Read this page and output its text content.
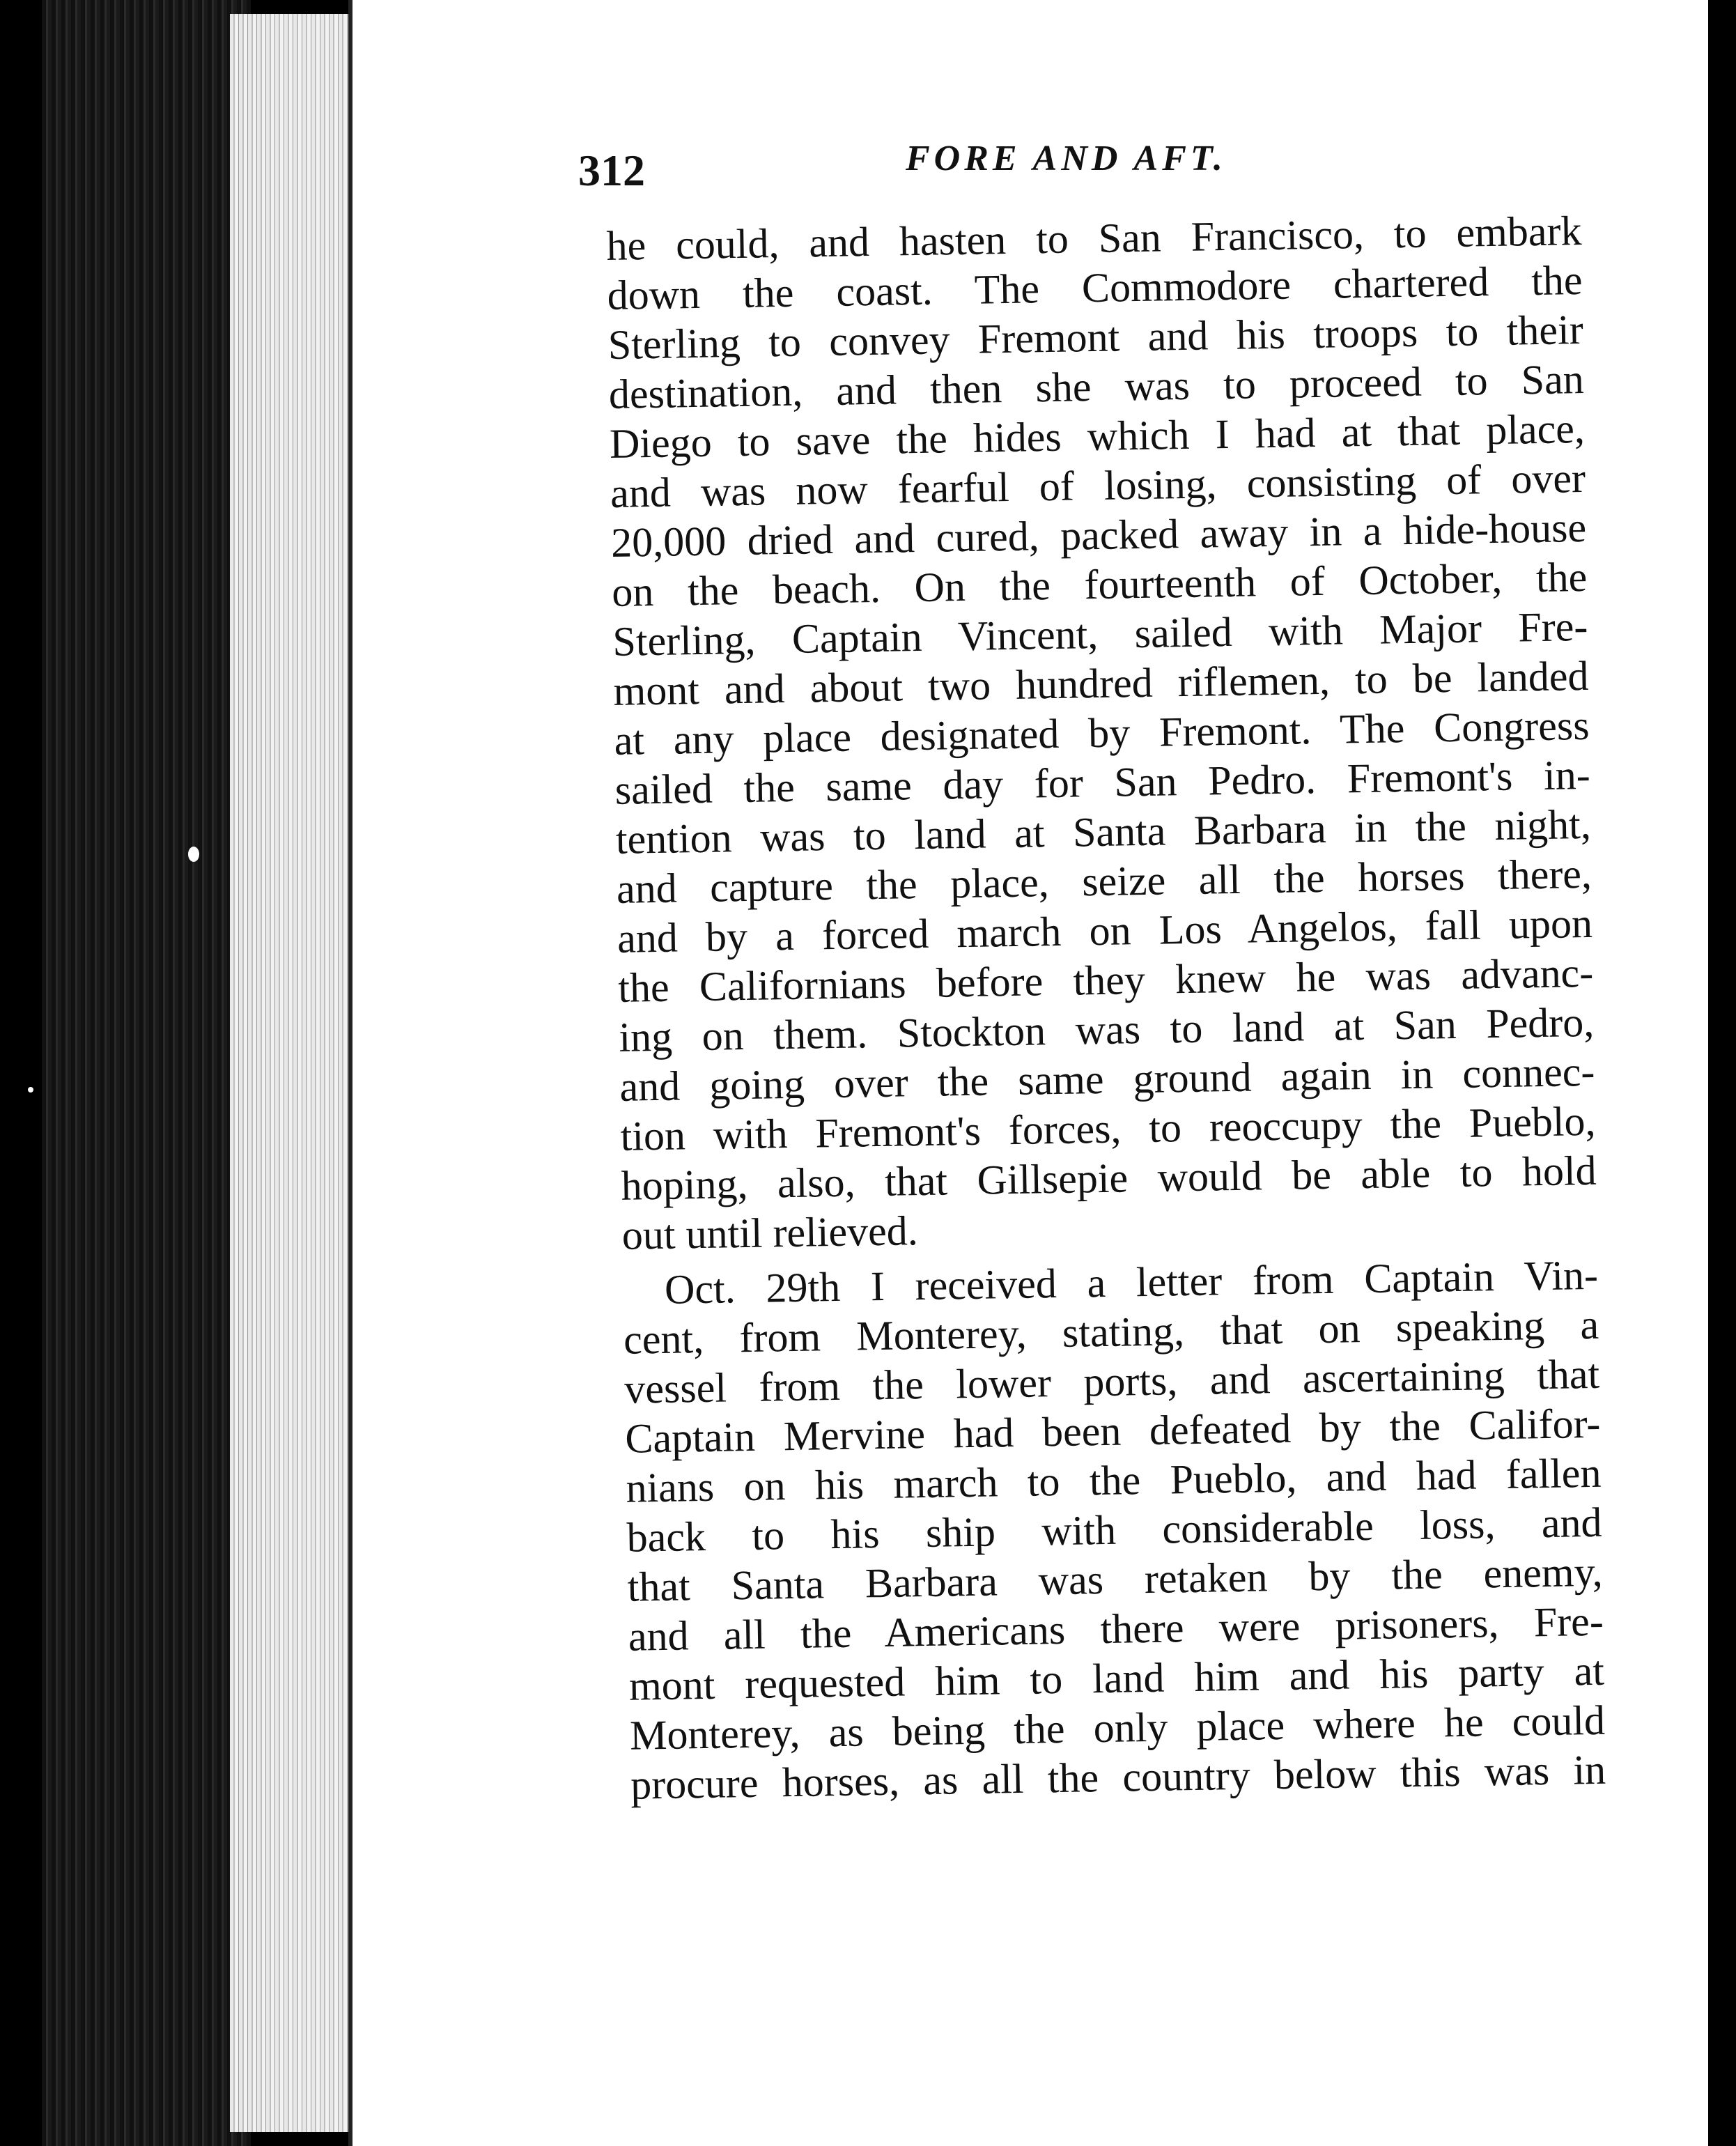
312	FORE AND AFT.
he could, and hasten to San Francisco, to embark
down the coast. The Commodore chartered the
Sterling to convey Fremont and his troops to their
destination, and then she was to proceed to San
Diego to save the hides which I had at that place,
and was now fearful of losing, consisting of over
20,000 dried and cured, packed away in a hide-house
on the beach. On the fourteenth of October, the
Sterling, Captain Vincent, sailed with Major Fre-
mont and about two hundred riflemen, to be landed
at any place designated by Fremont. The Congress
sailed the same day for San Pedro. Fremont's in-
tention was to land at Santa Barbara in the night,
and capture the place, seize all the horses there,
and by a forced march on Los Angelos, fall upon
the Californians before they knew he was advanc-
ing on them. Stockton was to land at San Pedro,
and going over the same ground again in connec-
tion with Fremont's forces, to reoccupy the Pueblo,
hoping, also, that Gillsepie would be able to hold
out until relieved.
Oct. 29th I received a letter from Captain Vin-
cent, from Monterey, stating, that on speaking a
vessel from the lower ports, and ascertaining that
Captain Mervine had been defeated by the Califor-
nians on his march to the Pueblo, and had fallen
back to his ship with considerable loss, and
that Santa Barbara was retaken by the enemy,
and all the Americans there were prisoners, Fre-
mont requested him to land him and his party at
Monterey, as being the only place where he could
procure horses, as all the country below this was in
